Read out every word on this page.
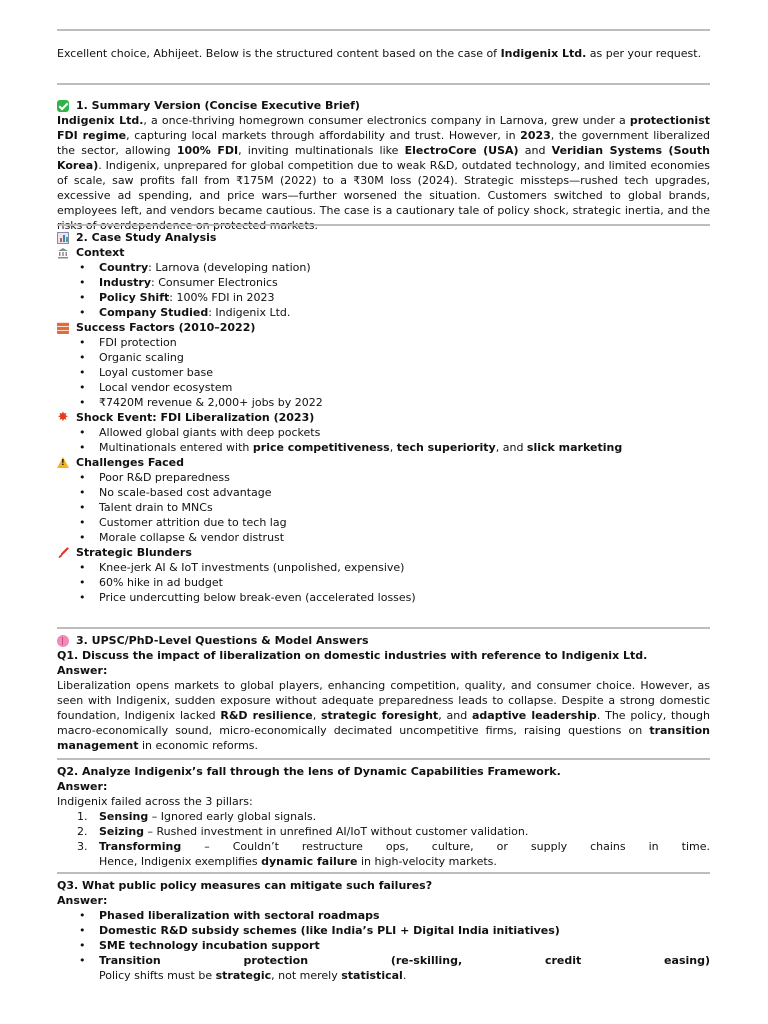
Excellent choice, Abhijeet. Below is the structured content based on the case of Indigenix Ltd. as per your request.

1. Summary Version (Concise Executive Brief)

Indigenix Ltd., a once-thriving homegrown consumer electronics company in Larnova, grew under a protectionist FDI regime, capturing local markets through affordability and trust. However, in 2023, the government liberalized the sector, allowing 100% FDI, inviting multinationals like ElectroCore (USA) and Veridian Systems (South Korea). Indigenix, unprepared for global competition due to weak R&D, outdated technology, and limited economies of scale, saw profits fall from ₹175M (2022) to a ₹30M loss (2024). Strategic missteps—rushed tech upgrades, excessive ad spending, and price wars—further worsened the situation. Customers switched to global brands, employees left, and vendors became cautious. The case is a cautionary tale of policy shock, strategic inertia, and the risks of overdependence on protected markets.

2. Case Study Analysis
Context
• Country: Larnova (developing nation)
• Industry: Consumer Electronics
• Policy Shift: 100% FDI in 2023
• Company Studied: Indigenix Ltd.
Success Factors (2010–2022)
• FDI protection
• Organic scaling
• Loyal customer base
• Local vendor ecosystem
• ₹7420M revenue & 2,000+ jobs by 2022
✸ Shock Event: FDI Liberalization (2023)
• Allowed global giants with deep pockets
• Multinationals entered with price competitiveness, tech superiority, and slick marketing
!
Challenges Faced
• Poor R&D preparedness
• No scale-based cost advantage
• Talent drain to MNCs
• Customer attrition due to tech lag
• Morale collapse & vendor distrust
Strategic Blunders
• Knee-jerk AI & IoT investments (unpolished, expensive)
• 60% hike in ad budget
• Price undercutting below break-even (accelerated losses)
3. UPSC/PhD-Level Questions & Model Answers

Q1. Discuss the impact of liberalization on domestic industries with reference to Indigenix Ltd.

Answer:

Liberalization opens markets to global players, enhancing competition, quality, and consumer choice. However, as seen with Indigenix, sudden exposure without adequate preparedness leads to collapse. Despite a strong domestic foundation, Indigenix lacked R&D resilience, strategic foresight, and adaptive leadership. The policy, though macro-economically sound, micro-economically decimated uncompetitive firms, raising questions on transition management in economic reforms.

Q2. Analyze Indigenix’s fall through the lens of Dynamic Capabilities Framework.

Answer:

Indigenix failed across the 3 pillars:

1. Sensing – Ignored early global signals.
2. Seizing – Rushed investment in unrefined AI/IoT without customer validation.
3. Transforming – Couldn’t restructure ops, culture, or supply chains in time.

Hence, Indigenix exemplifies dynamic failure in high-velocity markets.

Q3. What public policy measures can mitigate such failures?

Answer:

• Phased liberalization with sectoral roadmaps
• Domestic R&D subsidy schemes (like India’s PLI + Digital India initiatives)
• SME technology incubation support
• Transition protection (re-skilling, credit easing)

Policy shifts must be strategic, not merely statistical.
